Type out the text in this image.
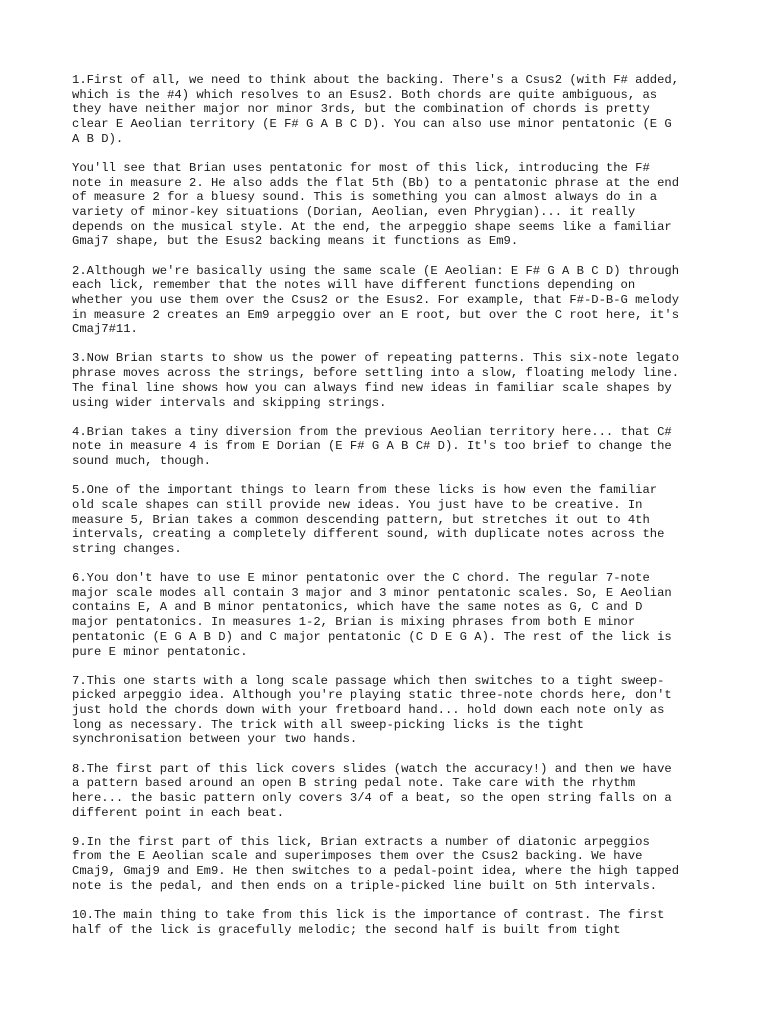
1.First of all, we need to think about the backing. There's a Csus2 (with F# added,
which is the #4) which resolves to an Esus2. Both chords are quite ambiguous, as
they have neither major nor minor 3rds, but the combination of chords is pretty
clear E Aeolian territory (E F# G A B C D). You can also use minor pentatonic (E G
A B D).

You'll see that Brian uses pentatonic for most of this lick, introducing the F#
note in measure 2. He also adds the flat 5th (Bb) to a pentatonic phrase at the end
of measure 2 for a bluesy sound. This is something you can almost always do in a
variety of minor-key situations (Dorian, Aeolian, even Phrygian)... it really
depends on the musical style. At the end, the arpeggio shape seems like a familiar
Gmaj7 shape, but the Esus2 backing means it functions as Em9.

2.Although we're basically using the same scale (E Aeolian: E F# G A B C D) through
each lick, remember that the notes will have different functions depending on
whether you use them over the Csus2 or the Esus2. For example, that F#-D-B-G melody
in measure 2 creates an Em9 arpeggio over an E root, but over the C root here, it's
Cmaj7#11.

3.Now Brian starts to show us the power of repeating patterns. This six-note legato
phrase moves across the strings, before settling into a slow, floating melody line.
The final line shows how you can always find new ideas in familiar scale shapes by
using wider intervals and skipping strings.

4.Brian takes a tiny diversion from the previous Aeolian territory here... that C#
note in measure 4 is from E Dorian (E F# G A B C# D). It's too brief to change the
sound much, though.

5.One of the important things to learn from these licks is how even the familiar
old scale shapes can still provide new ideas. You just have to be creative. In
measure 5, Brian takes a common descending pattern, but stretches it out to 4th
intervals, creating a completely different sound, with duplicate notes across the
string changes.

6.You don't have to use E minor pentatonic over the C chord. The regular 7-note
major scale modes all contain 3 major and 3 minor pentatonic scales. So, E Aeolian
contains E, A and B minor pentatonics, which have the same notes as G, C and D
major pentatonics. In measures 1-2, Brian is mixing phrases from both E minor
pentatonic (E G A B D) and C major pentatonic (C D E G A). The rest of the lick is
pure E minor pentatonic.

7.This one starts with a long scale passage which then switches to a tight sweep-
picked arpeggio idea. Although you're playing static three-note chords here, don't
just hold the chords down with your fretboard hand... hold down each note only as
long as necessary. The trick with all sweep-picking licks is the tight
synchronisation between your two hands.

8.The first part of this lick covers slides (watch the accuracy!) and then we have
a pattern based around an open B string pedal note. Take care with the rhythm
here... the basic pattern only covers 3/4 of a beat, so the open string falls on a
different point in each beat.

9.In the first part of this lick, Brian extracts a number of diatonic arpeggios
from the E Aeolian scale and superimposes them over the Csus2 backing. We have
Cmaj9, Gmaj9 and Em9. He then switches to a pedal-point idea, where the high tapped
note is the pedal, and then ends on a triple-picked line built on 5th intervals.

10.The main thing to take from this lick is the importance of contrast. The first
half of the lick is gracefully melodic; the second half is built from tight
